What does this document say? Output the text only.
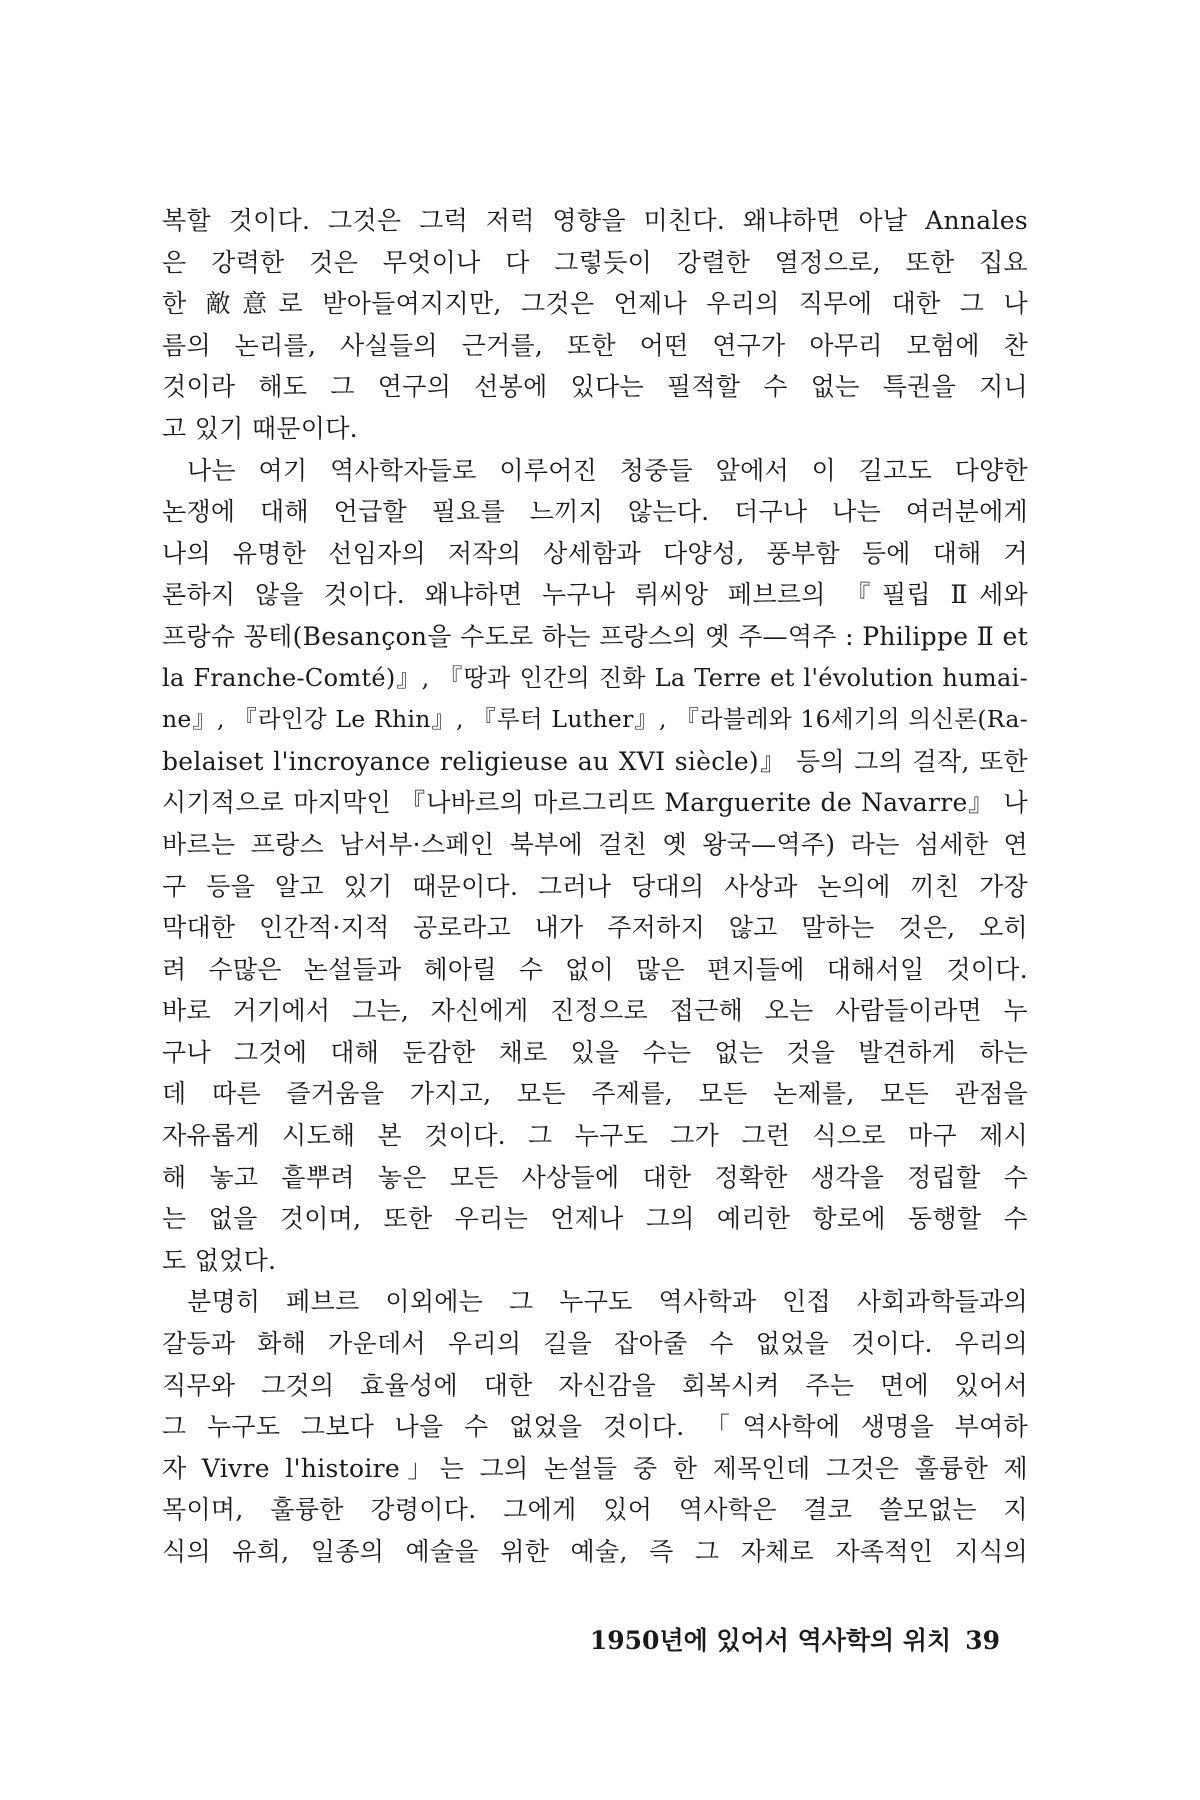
복할 것이다. 그것은 그럭 저럭 영향을 미친다. 왜냐하면 아날 Annales
은 강력한 것은 무엇이나 다 그렇듯이 강렬한 열정으로, 또한 집요
한 敵意로 받아들여지지만, 그것은 언제나 우리의 직무에 대한 그 나
름의 논리를, 사실들의 근거를, 또한 어떤 연구가 아무리 모험에 찬
것이라 해도 그 연구의 선봉에 있다는 필적할 수 없는 특권을 지니
고 있기 때문이다.
나는 여기 역사학자들로 이루어진 청중들 앞에서 이 길고도 다양한
논쟁에 대해 언급할 필요를 느끼지 않는다. 더구나 나는 여러분에게
나의 유명한 선임자의 저작의 상세함과 다양성, 풍부함 등에 대해 거
론하지 않을 것이다. 왜냐하면 누구나 뤼씨앙 페브르의 『필립 Ⅱ세와
프랑슈 꽁테(Besançon을 수도로 하는 프랑스의 옛 주—역주 : Philippe Ⅱ et
la Franche-Comté)』, 『땅과 인간의 진화 La Terre et l'évolution humai-
ne』, 『라인강 Le Rhin』, 『루터 Luther』, 『라블레와 16세기의 의신론(Ra-
belaiset l'incroyance religieuse au XVI siècle)』 등의 그의 걸작, 또한
시기적으로 마지막인 『나바르의 마르그리뜨 Marguerite de Navarre』 나
바르는 프랑스 남서부·스페인 북부에 걸친 옛 왕국—역주) 라는 섬세한 연
구 등을 알고 있기 때문이다. 그러나 당대의 사상과 논의에 끼친 가장
막대한 인간적·지적 공로라고 내가 주저하지 않고 말하는 것은, 오히
려 수많은 논설들과 헤아릴 수 없이 많은 편지들에 대해서일 것이다.
바로 거기에서 그는, 자신에게 진정으로 접근해 오는 사람들이라면 누
구나 그것에 대해 둔감한 채로 있을 수는 없는 것을 발견하게 하는
데 따른 즐거움을 가지고, 모든 주제를, 모든 논제를, 모든 관점을
자유롭게 시도해 본 것이다. 그 누구도 그가 그런 식으로 마구 제시
해 놓고 흩뿌려 놓은 모든 사상들에 대한 정확한 생각을 정립할 수
는 없을 것이며, 또한 우리는 언제나 그의 예리한 항로에 동행할 수
도 없었다.
분명히 페브르 이외에는 그 누구도 역사학과 인접 사회과학들과의
갈등과 화해 가운데서 우리의 길을 잡아줄 수 없었을 것이다. 우리의
직무와 그것의 효율성에 대한 자신감을 회복시켜 주는 면에 있어서
그 누구도 그보다 나을 수 없었을 것이다. 「역사학에 생명을 부여하
자 Vivre l'histoire」는 그의 논설들 중 한 제목인데 그것은 훌륭한 제
목이며, 훌륭한 강령이다. 그에게 있어 역사학은 결코 쓸모없는 지
식의 유희, 일종의 예술을 위한 예술, 즉 그 자체로 자족적인 지식의
1950년에 있어서 역사학의 위치 39
